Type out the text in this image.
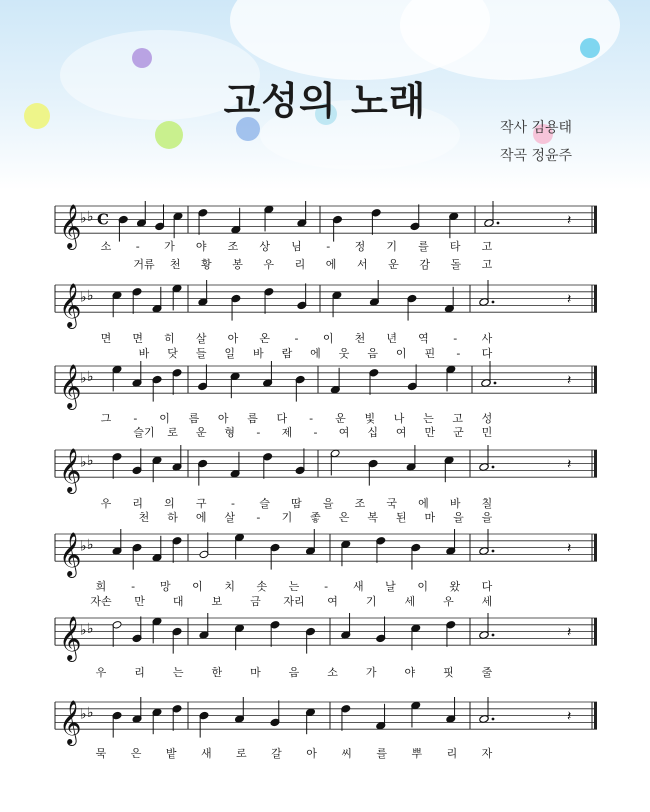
고성의 노래
작사 김용태
작곡 정윤주
𝄞
♭ ♭ C	𝄽
소 - 가 야 조 상 님 - 정 기 를 타 고
거류 천 황 봉 우 리 에 서 운 감 돌 고
𝄞
♭ ♭	𝄽
면 면 히 살 아 온 - 이 천 년 역 - 사
바 닷 들 일 바 람 에 웃 음 이 핀 - 다
𝄞
♭ ♭	𝄽
그 - 이 름 아 름 다 - 운 빛 나 는 고 성
슬기 로 운 형 - 제 - 여 십 여 만 군 민
𝄞
♭ ♭	𝄽
우 리 의 구 - 슬 땀 을 조 국 에 바 칠
천 하 에 살 - 기 좋 은 복 된 마 을 을
𝄞
♭ ♭	𝄽
희 - 망 이 치 솟 는 - 새 날 이 왔 다
자손 만	대	보	금 자리 여	기	세	우	세
𝄞
♭ ♭	𝄽
우	리	는	한	마	음	소	가	야	핏	줄
𝄞
♭ ♭	𝄽
묵 은 밭 새 로 갈 아 씨 를 뿌 리 자
